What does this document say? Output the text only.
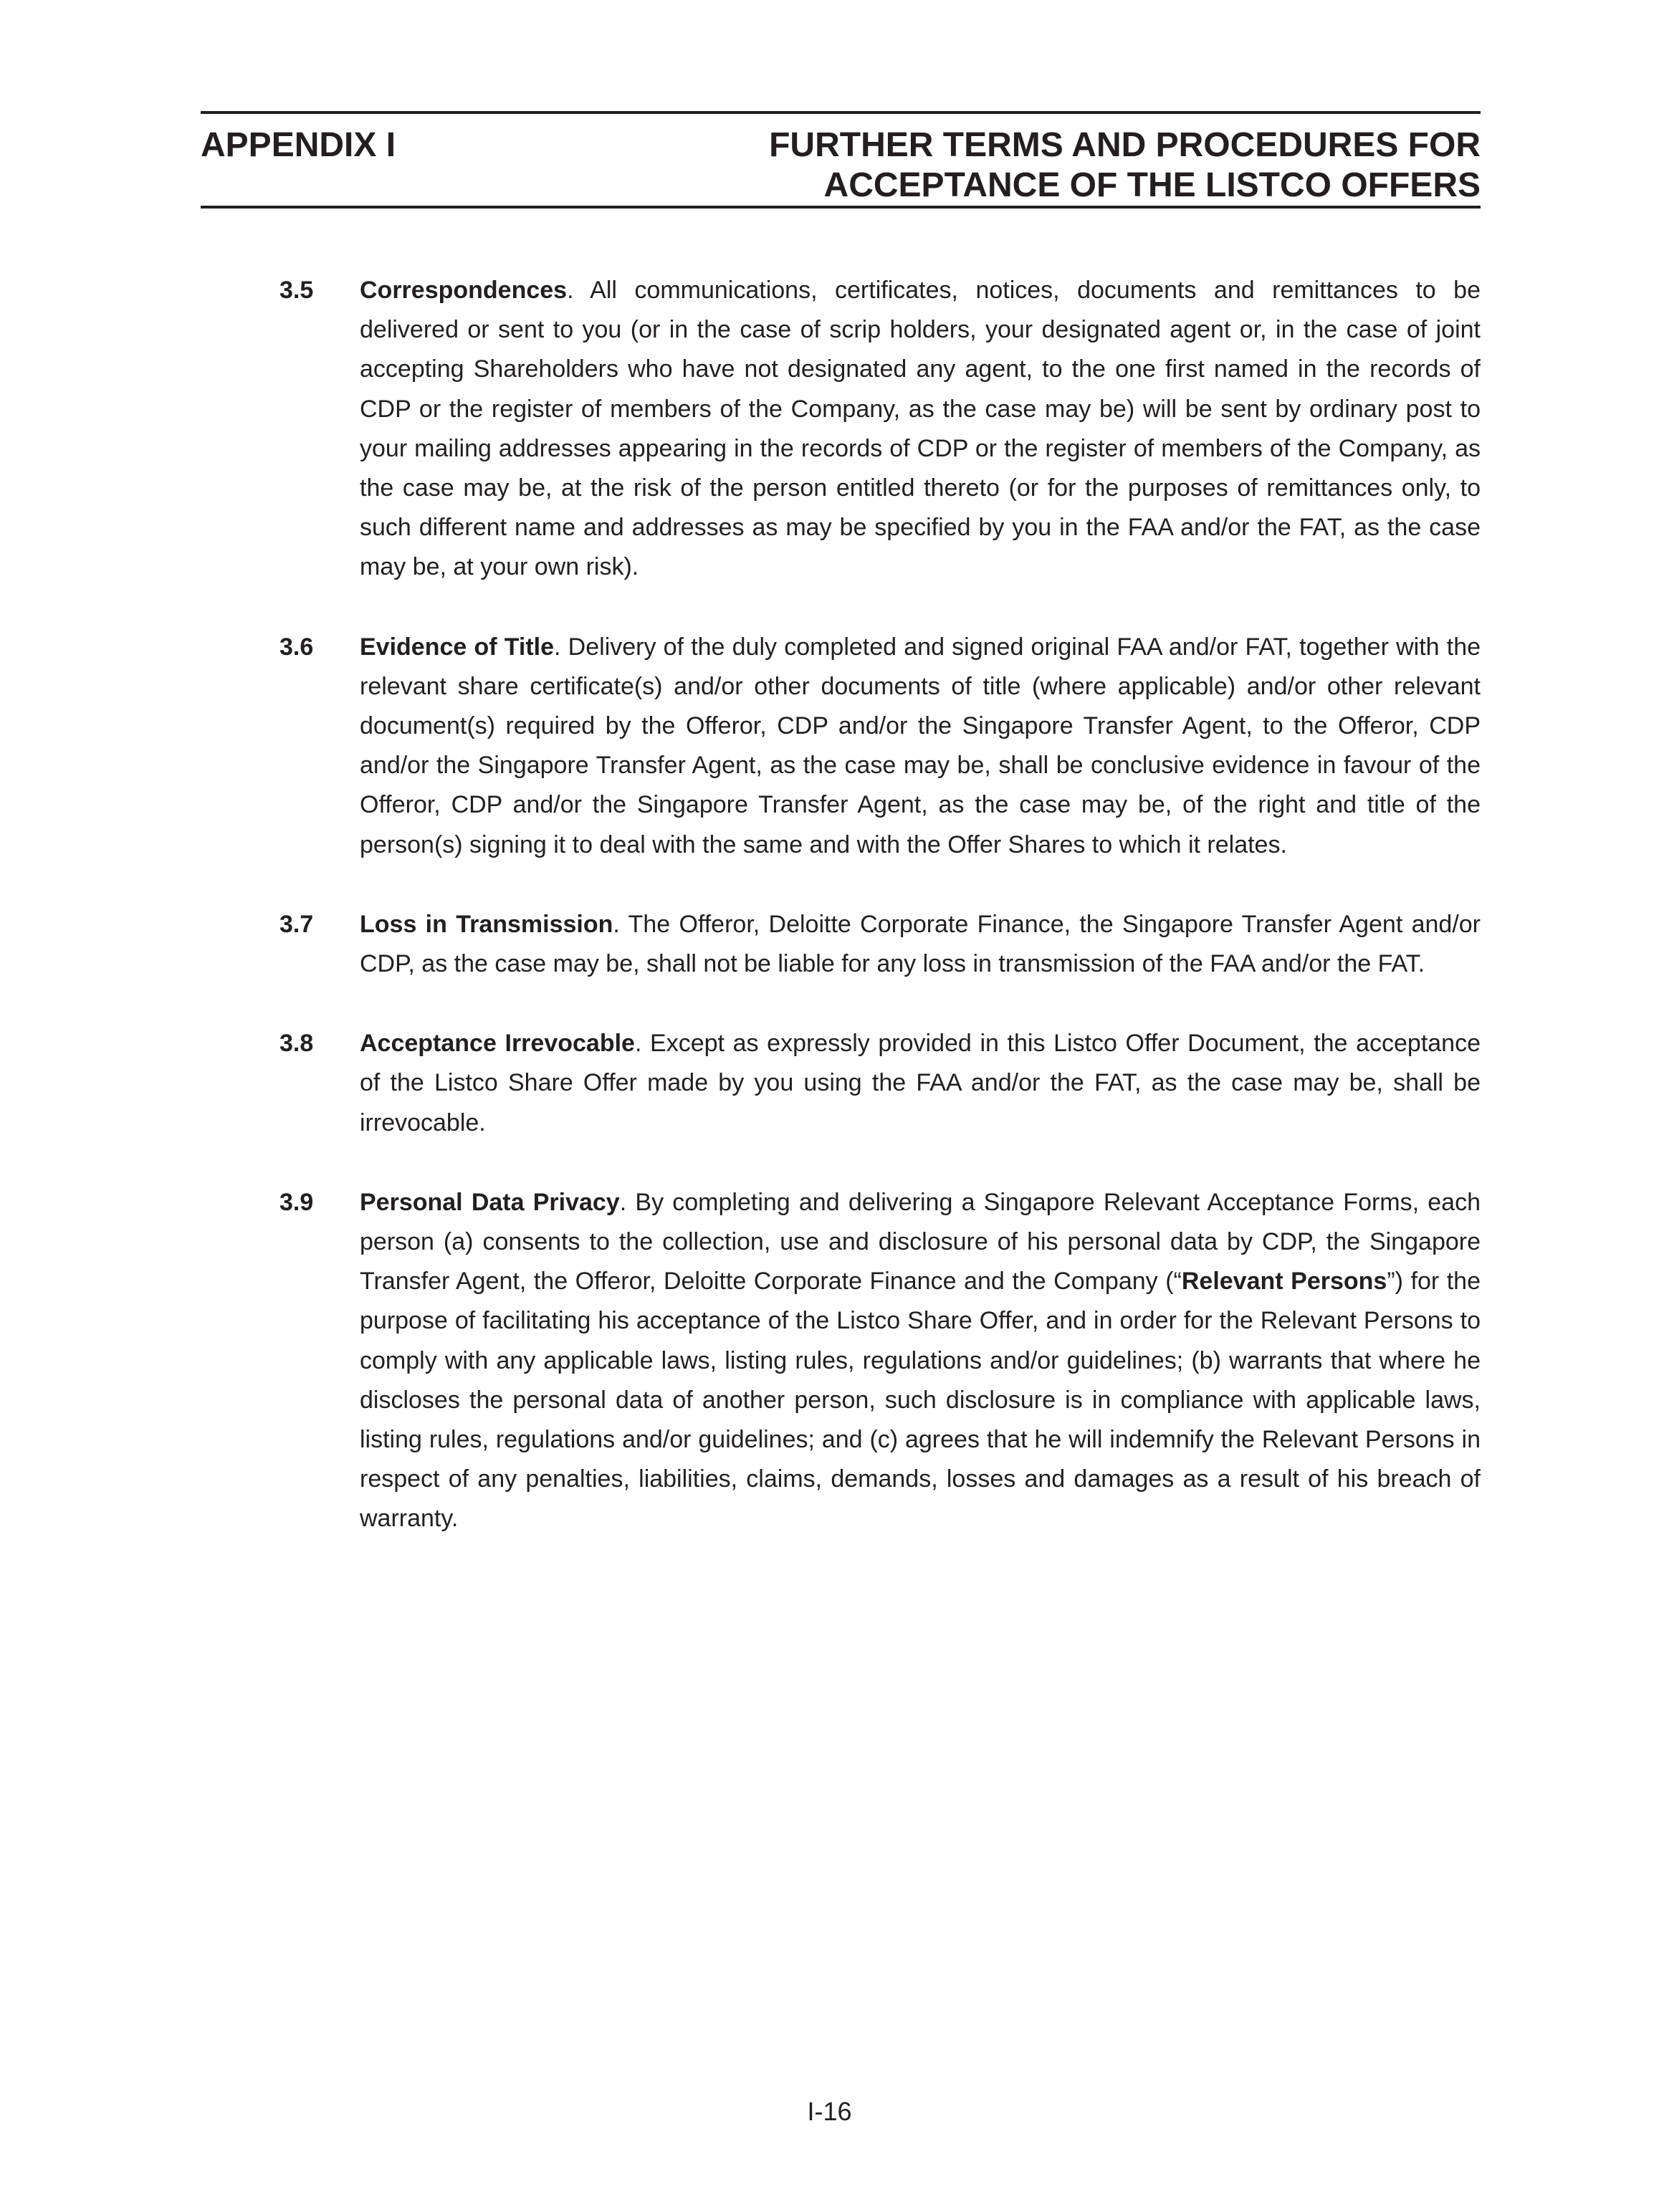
APPENDIX I	FURTHER TERMS AND PROCEDURES FOR
ACCEPTANCE OF THE LISTCO OFFERS
3.5 Correspondences. All communications, certificates, notices, documents and remittances to be delivered or sent to you (or in the case of scrip holders, your designated agent or, in the case of joint accepting Shareholders who have not designated any agent, to the one first named in the records of CDP or the register of members of the Company, as the case may be) will be sent by ordinary post to your mailing addresses appearing in the records of CDP or the register of members of the Company, as the case may be, at the risk of the person entitled thereto (or for the purposes of remittances only, to such different name and addresses as may be specified by you in the FAA and/or the FAT, as the case may be, at your own risk).
3.6 Evidence of Title. Delivery of the duly completed and signed original FAA and/or FAT, together with the relevant share certificate(s) and/or other documents of title (where applicable) and/or other relevant document(s) required by the Offeror, CDP and/or the Singapore Transfer Agent, to the Offeror, CDP and/or the Singapore Transfer Agent, as the case may be, shall be conclusive evidence in favour of the Offeror, CDP and/or the Singapore Transfer Agent, as the case may be, of the right and title of the person(s) signing it to deal with the same and with the Offer Shares to which it relates.
3.7 Loss in Transmission. The Offeror, Deloitte Corporate Finance, the Singapore Transfer Agent and/or CDP, as the case may be, shall not be liable for any loss in transmission of the FAA and/or the FAT.
3.8 Acceptance Irrevocable. Except as expressly provided in this Listco Offer Document, the acceptance of the Listco Share Offer made by you using the FAA and/or the FAT, as the case may be, shall be irrevocable.
3.9 Personal Data Privacy. By completing and delivering a Singapore Relevant Acceptance Forms, each person (a) consents to the collection, use and disclosure of his personal data by CDP, the Singapore Transfer Agent, the Offeror, Deloitte Corporate Finance and the Company (“Relevant Persons”) for the purpose of facilitating his acceptance of the Listco Share Offer, and in order for the Relevant Persons to comply with any applicable laws, listing rules, regulations and/or guidelines; (b) warrants that where he discloses the personal data of another person, such disclosure is in compliance with applicable laws, listing rules, regulations and/or guidelines; and (c) agrees that he will indemnify the Relevant Persons in respect of any penalties, liabilities, claims, demands, losses and damages as a result of his breach of warranty.
I-16
